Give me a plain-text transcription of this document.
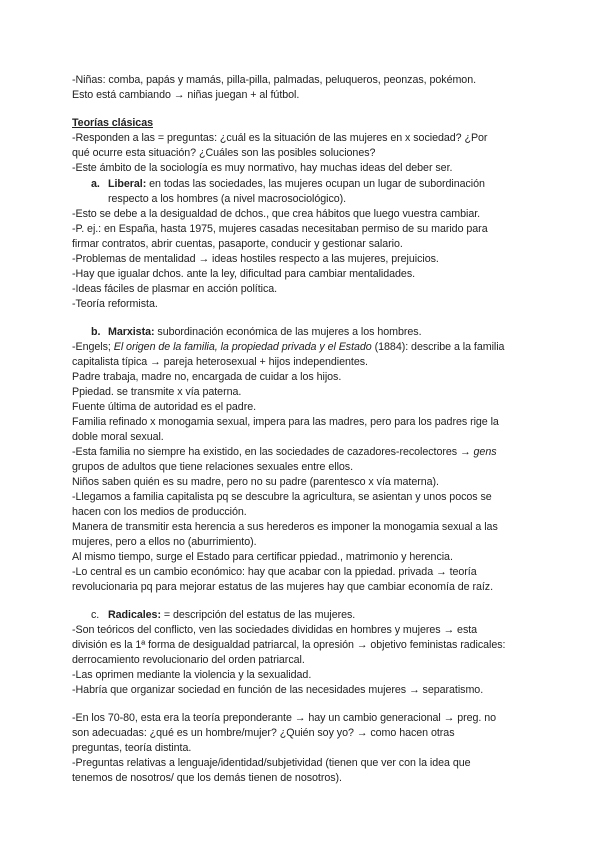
-Niñas: comba, papás y mamás, pilla-pilla, palmadas, peluqueros, peonzas, pokémon.
Esto está cambiando → niñas juegan + al fútbol.
Teorías clásicas
-Responden a las = preguntas: ¿cuál es la situación de las mujeres en x sociedad? ¿Por
qué ocurre esta situación? ¿Cuáles son las posibles soluciones?
-Este ámbito de la sociología es muy normativo, hay muchas ideas del deber ser.
a. Liberal: en todas las sociedades, las mujeres ocupan un lugar de subordinación
respecto a los hombres (a nivel macrosociológico).
-Esto se debe a la desigualdad de dchos., que crea hábitos que luego vuestra cambiar.
-P. ej.: en España, hasta 1975, mujeres casadas necesitaban permiso de su marido para
firmar contratos, abrir cuentas, pasaporte, conducir y gestionar salario.
-Problemas de mentalidad → ideas hostiles respecto a las mujeres, prejuicios.
-Hay que igualar dchos. ante la ley, dificultad para cambiar mentalidades.
-Ideas fáciles de plasmar en acción política.
-Teoría reformista.
b. Marxista: subordinación económica de las mujeres a los hombres.
-Engels; El origen de la familia, la propiedad privada y el Estado (1884): describe a la familia
capitalista típica → pareja heterosexual + hijos independientes.
Padre trabaja, madre no, encargada de cuidar a los hijos.
Ppiedad. se transmite x vía paterna.
Fuente última de autoridad es el padre.
Familia refinado x monogamia sexual, impera para las madres, pero para los padres rige la
doble moral sexual.
-Esta familia no siempre ha existido, en las sociedades de cazadores-recolectores → gens
grupos de adultos que tiene relaciones sexuales entre ellos.
Niños saben quién es su madre, pero no su padre (parentesco x vía materna).
-Llegamos a familia capitalista pq se descubre la agricultura, se asientan y unos pocos se
hacen con los medios de producción.
Manera de transmitir esta herencia a sus herederos es imponer la monogamia sexual a las
mujeres, pero a ellos no (aburrimiento).
Al mismo tiempo, surge el Estado para certificar ppiedad., matrimonio y herencia.
-Lo central es un cambio económico: hay que acabar con la ppiedad. privada → teoría
revolucionaria pq para mejorar estatus de las mujeres hay que cambiar economía de raíz.
c. Radicales: = descripción del estatus de las mujeres.
-Son teóricos del conflicto, ven las sociedades divididas en hombres y mujeres → esta
división es la 1ª forma de desigualdad patriarcal, la opresión → objetivo feministas radicales:
derrocamiento revolucionario del orden patriarcal.
-Las oprimen mediante la violencia y la sexualidad.
-Habría que organizar sociedad en función de las necesidades mujeres → separatismo.
-En los 70-80, esta era la teoría preponderante → hay un cambio generacional → preg. no
son adecuadas: ¿qué es un hombre/mujer? ¿Quién soy yo? → como hacen otras
preguntas, teoría distinta.
-Preguntas relativas a lenguaje/identidad/subjetividad (tienen que ver con la idea que
tenemos de nosotros/ que los demás tienen de nosotros).
